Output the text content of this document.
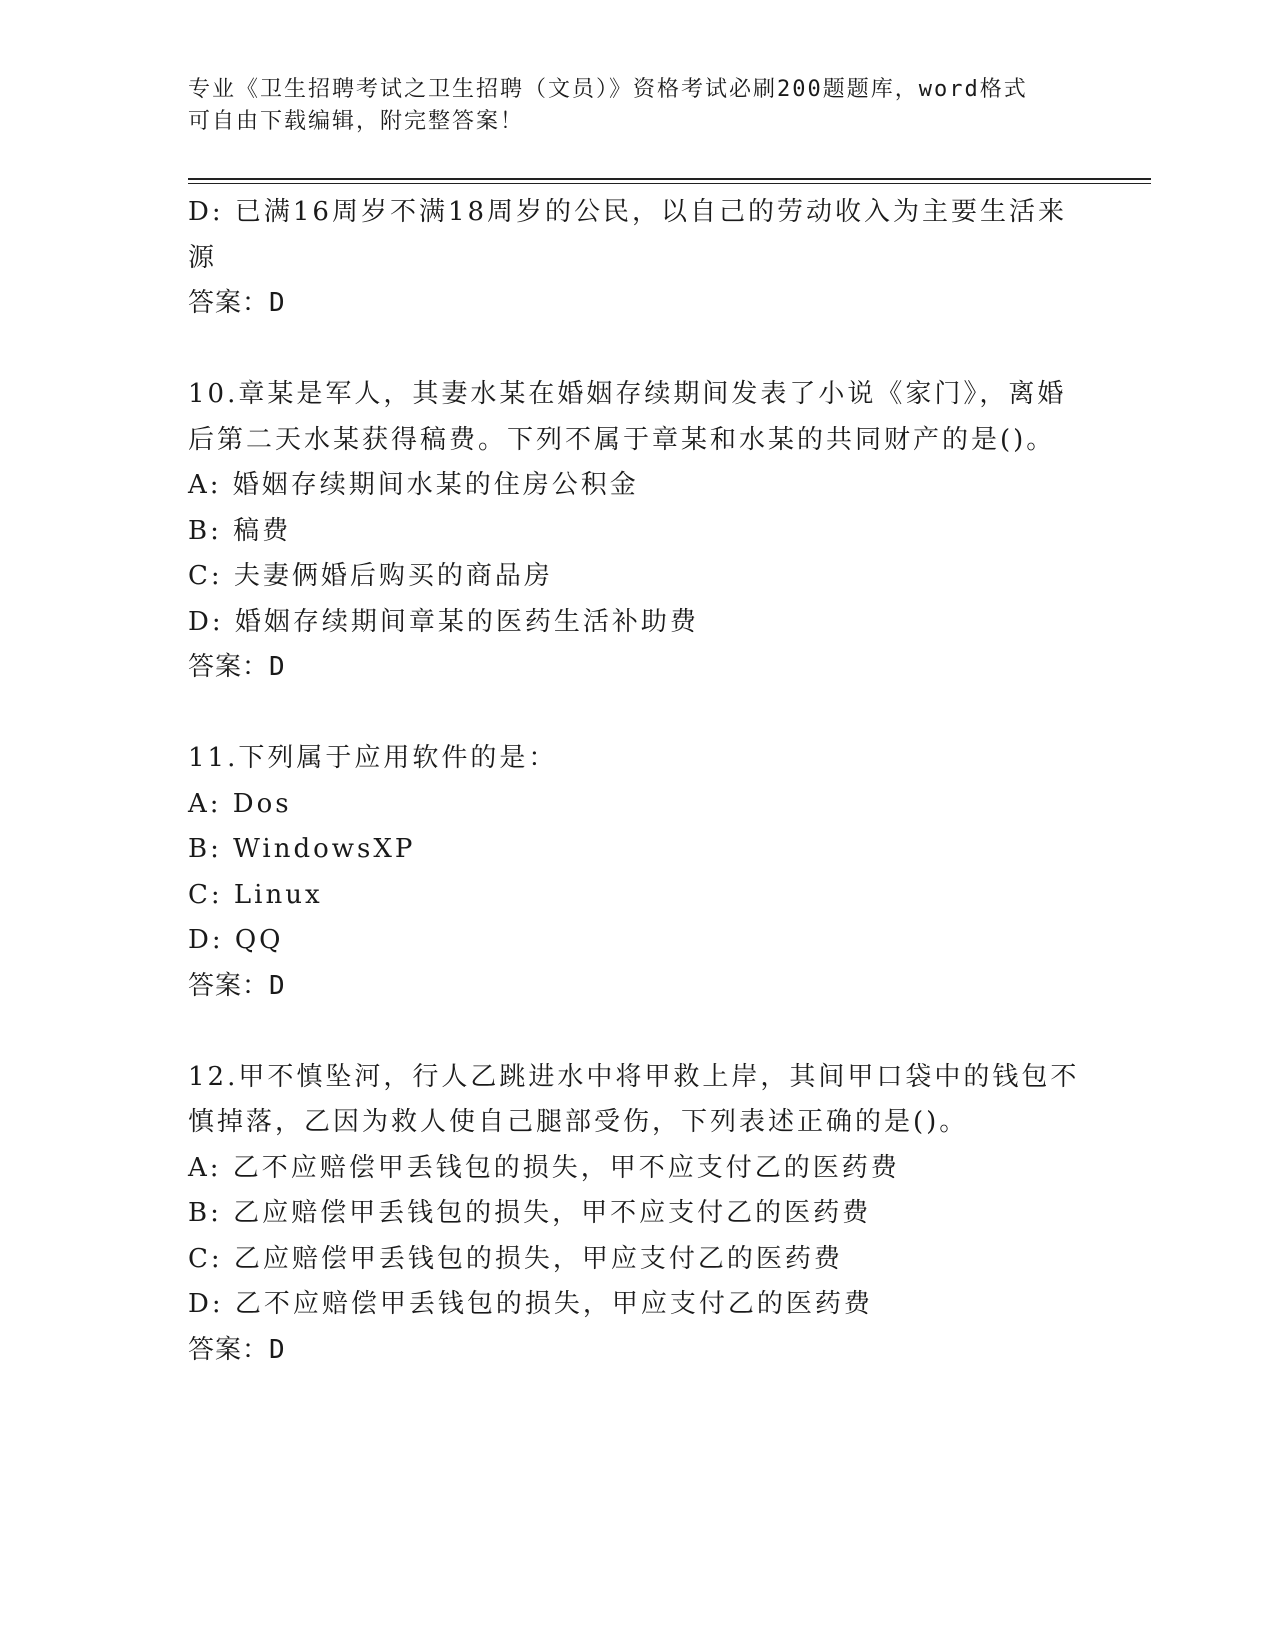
专业《卫生招聘考试之卫生招聘（文员）》资格考试必刷200题题库，word格式
可自由下载编辑，附完整答案！
D: 已满16周岁不满18周岁的公民，以自己的劳动收入为主要生活来
源
答案：D
10.章某是军人，其妻水某在婚姻存续期间发表了小说《家门》，离婚
后第二天水某获得稿费。下列不属于章某和水某的共同财产的是()。
A: 婚姻存续期间水某的住房公积金
B: 稿费
C: 夫妻俩婚后购买的商品房
D: 婚姻存续期间章某的医药生活补助费
答案：D
11.下列属于应用软件的是：
A: Dos
B: WindowsXP
C: Linux
D: QQ
答案：D
12.甲不慎坠河，行人乙跳进水中将甲救上岸，其间甲口袋中的钱包不
慎掉落，乙因为救人使自己腿部受伤，下列表述正确的是()。
A: 乙不应赔偿甲丢钱包的损失，甲不应支付乙的医药费
B: 乙应赔偿甲丢钱包的损失，甲不应支付乙的医药费
C: 乙应赔偿甲丢钱包的损失，甲应支付乙的医药费
D: 乙不应赔偿甲丢钱包的损失，甲应支付乙的医药费
答案：D
